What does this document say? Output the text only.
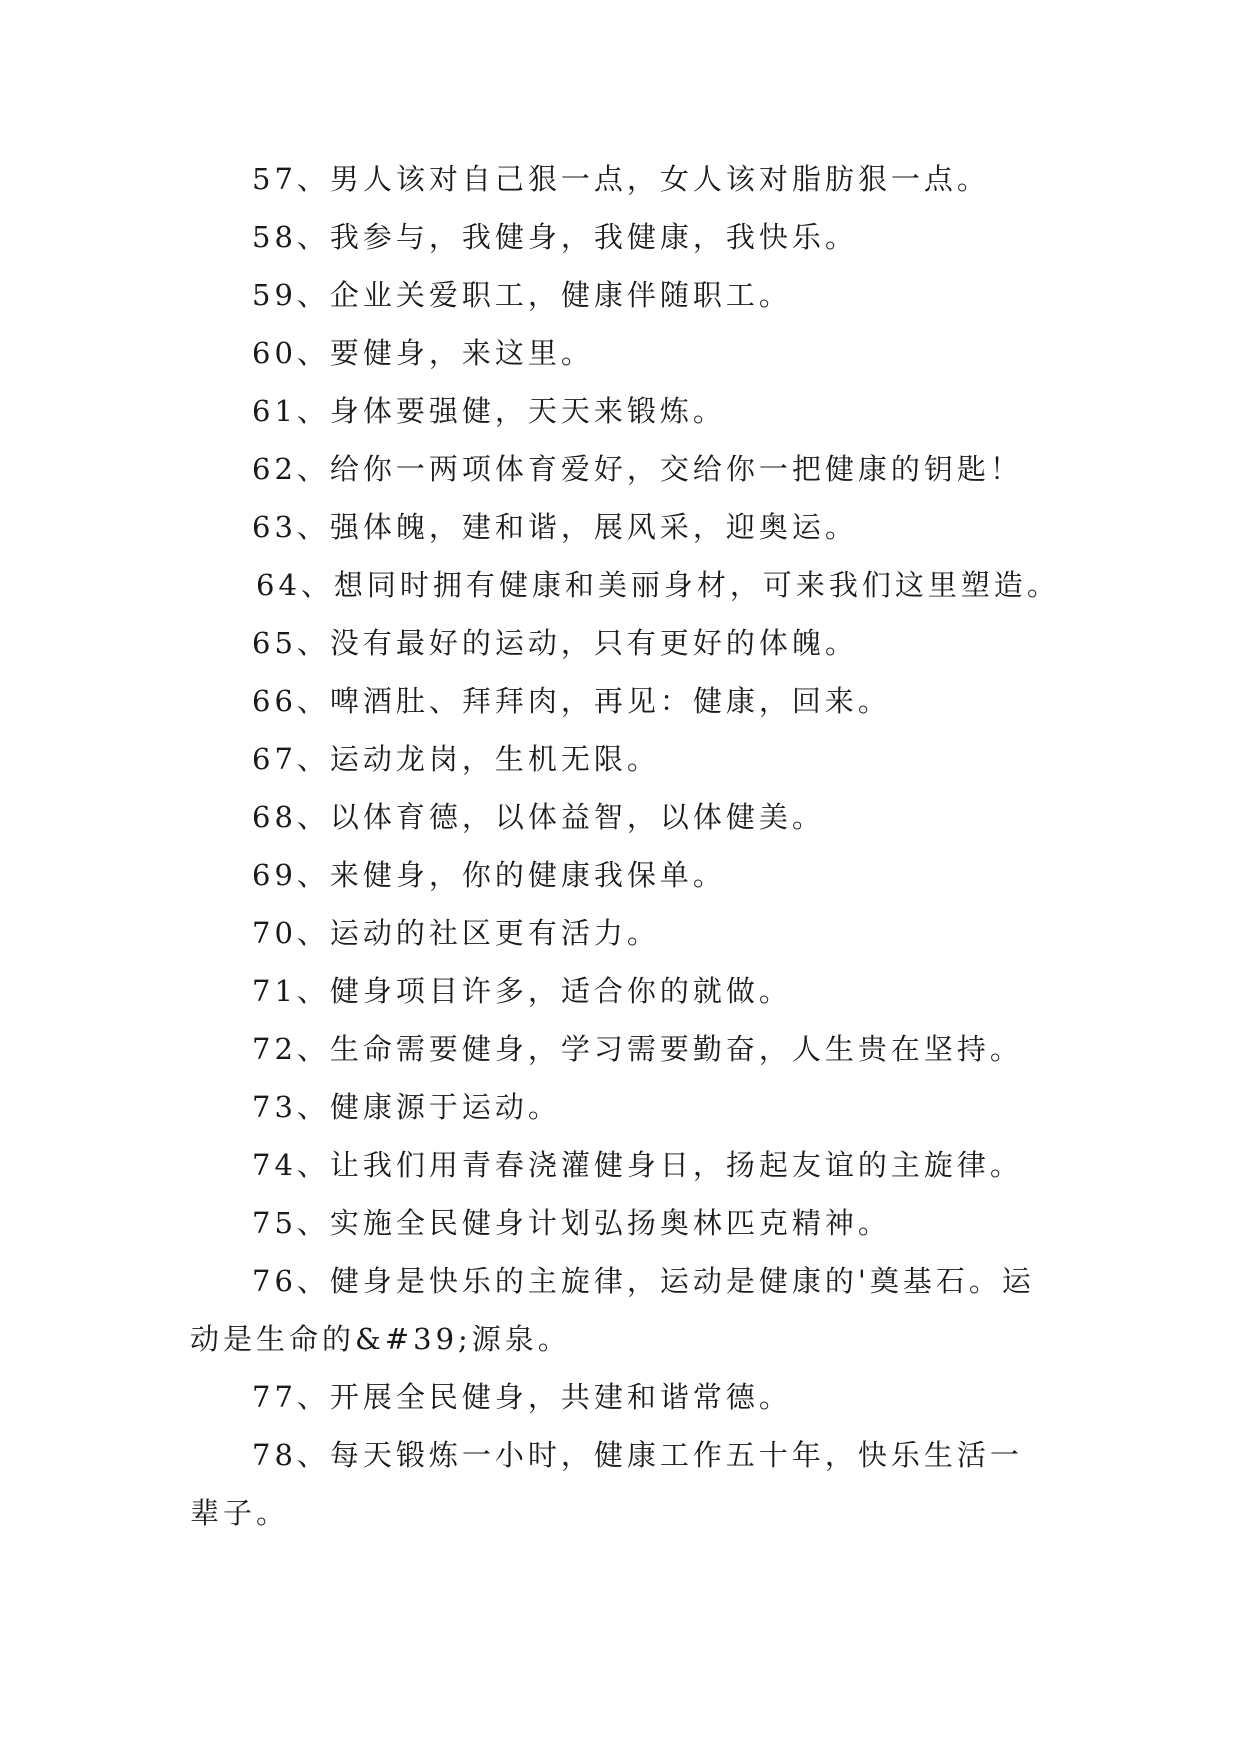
57、男人该对自己狠一点，女人该对脂肪狠一点。

58、我参与，我健身，我健康，我快乐。

59、企业关爱职工，健康伴随职工。

60、要健身，来这里。

61、身体要强健，天天来锻炼。

62、给你一两项体育爱好，交给你一把健康的钥匙！

63、强体魄，建和谐，展风采，迎奥运。

64、想同时拥有健康和美丽身材，可来我们这里塑造。

65、没有最好的运动，只有更好的体魄。

66、啤酒肚、拜拜肉，再见：健康，回来。

67、运动龙岗，生机无限。

68、以体育德，以体益智，以体健美。

69、来健身，你的健康我保单。

70、运动的社区更有活力。

71、健身项目许多，适合你的就做。

72、生命需要健身，学习需要勤奋，人生贵在坚持。

73、健康源于运动。

74、让我们用青春浇灌健身日，扬起友谊的主旋律。

75、实施全民健身计划弘扬奥林匹克精神。

76、健身是快乐的主旋律，运动是健康的'奠基石。运动是生命的&#39;源泉。

77、开展全民健身，共建和谐常德。

78、每天锻炼一小时，健康工作五十年，快乐生活一辈子。
